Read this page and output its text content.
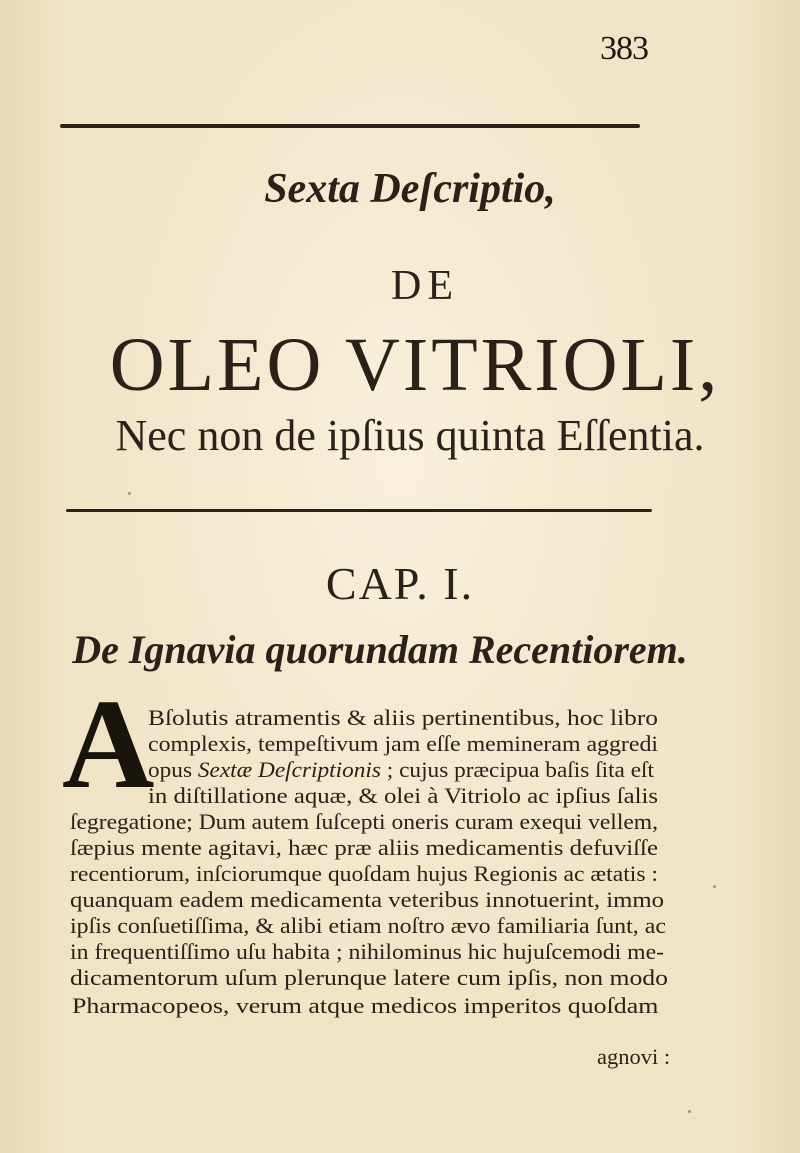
383
Sexta Deſcriptio,
DE
OLEO VITRIOLI,
Nec non de ipſius quinta Eſſentia.
CAP. I.
De Ignavia quorundam Recentiorem.
A
Bſolutis atramentis & aliis pertinentibus, hoc libro
complexis, tempeſtivum jam eſſe memineram aggredi
opus Sextæ Deſcriptionis ; cujus præcipua baſis ſita eſt
in diſtillatione aquæ, & olei à Vitriolo ac ipſius ſalis
ſegregatione; Dum autem ſuſcepti oneris curam exequi vellem,
ſæpius mente agitavi, hæc præ aliis medicamentis defuviſſe
recentiorum, inſciorumque quoſdam hujus Regionis ac ætatis :
quanquam eadem medicamenta veteribus innotuerint, immo
ipſis conſuetiſſima, & alibi etiam noſtro ævo familiaria ſunt, ac
in frequentiſſimo uſu habita ; nihilominus hic hujuſcemodi me-
dicamentorum uſum plerunque latere cum ipſis, non modo
Pharmacopeos, verum atque medicos imperitos quoſdam
agnovi :
